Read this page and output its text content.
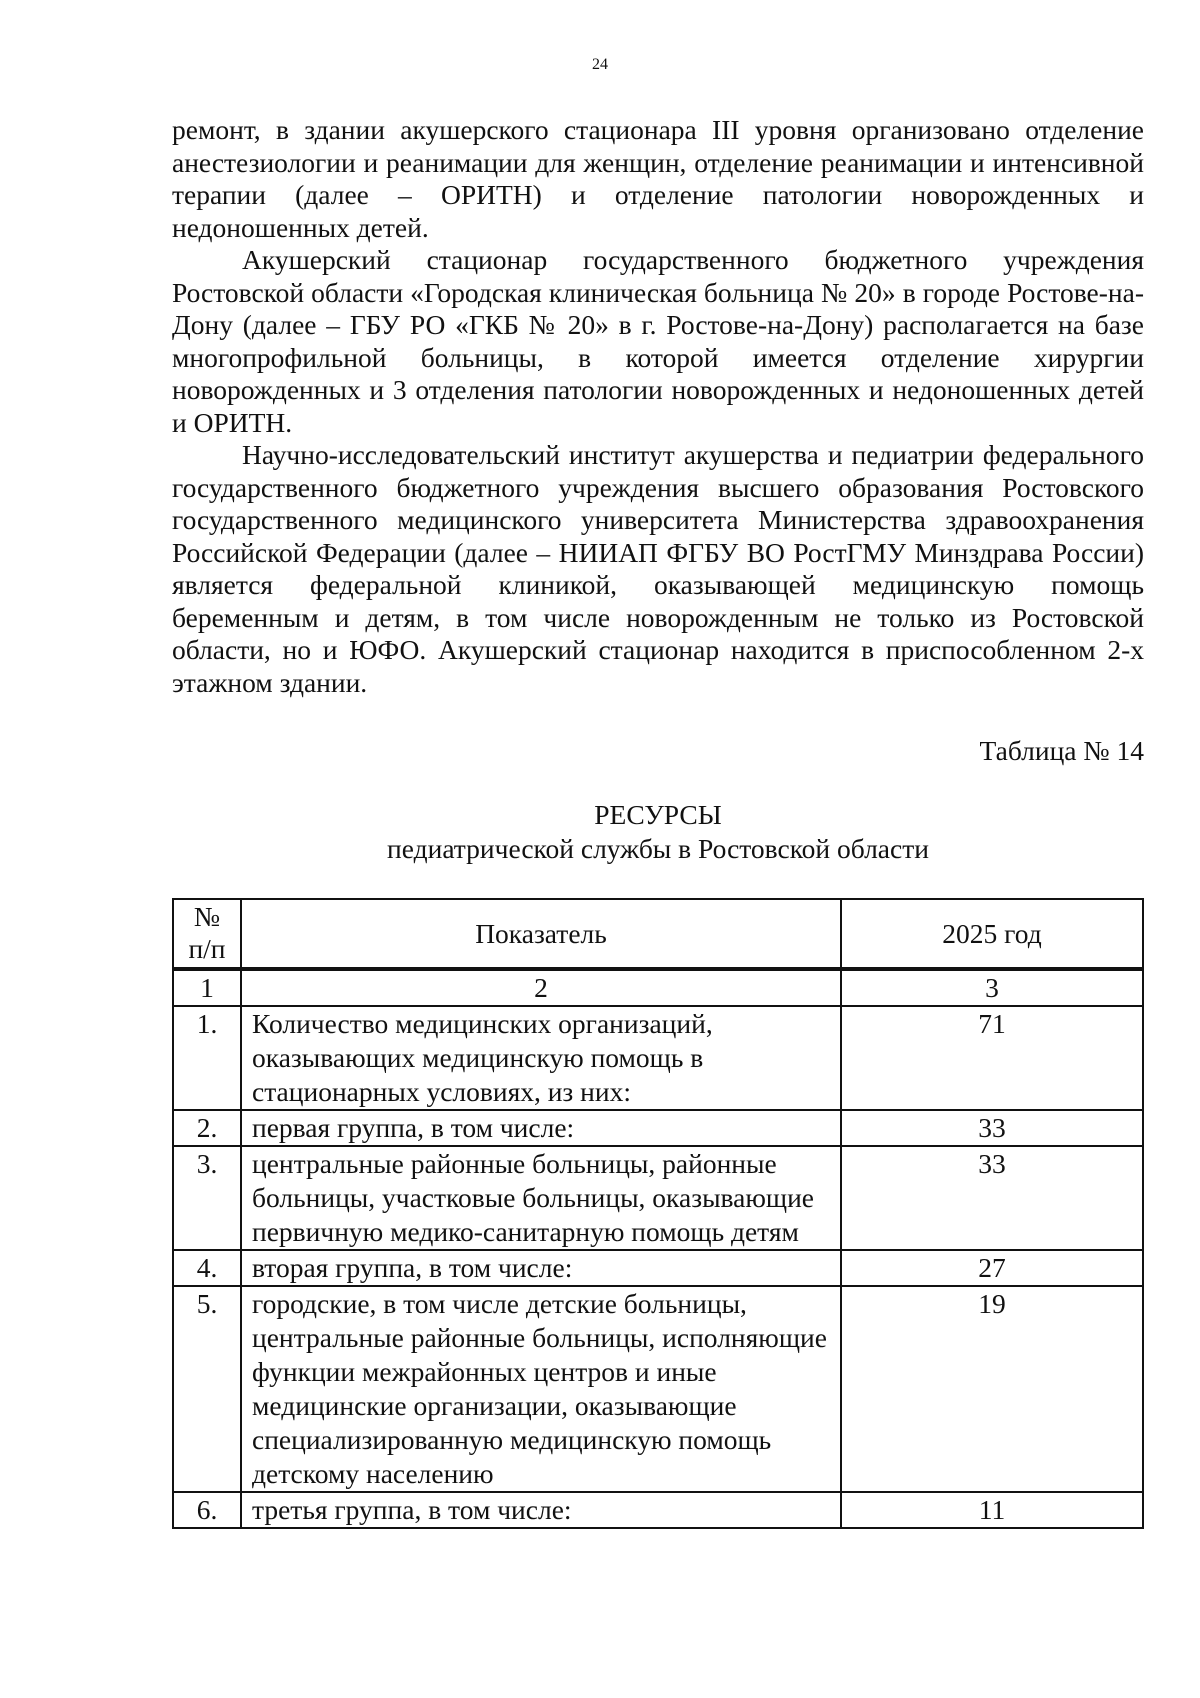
24

ремонт, в здании акушерского стационара III уровня организовано отделение анестезиологии и реанимации для женщин, отделение реанимации и интенсивной терапии (далее – ОРИТН) и отделение патологии новорожденных и недоношенных детей.

Акушерский стационар государственного бюджетного учреждения Ростовской области «Городская клиническая больница № 20» в городе Ростове-на-Дону (далее – ГБУ РО «ГКБ № 20» в г. Ростове-на-Дону) располагается на базе многопрофильной больницы, в которой имеется отделение хирургии новорожденных и 3 отделения патологии новорожденных и недоношенных детей и ОРИТН.

Научно-исследовательский институт акушерства и педиатрии федерального государственного бюджетного учреждения высшего образования Ростовского государственного медицинского университета Министерства здравоохранения Российской Федерации (далее – НИИАП ФГБУ ВО РостГМУ Минздрава России) является федеральной клиникой, оказывающей медицинскую помощь беременным и детям, в том числе новорожденным не только из Ростовской области, но и ЮФО. Акушерский стационар находится в приспособленном 2-х этажном здании.

Таблица № 14
РЕСУРСЫ
педиатрической службы в Ростовской области
№ п/п	Показатель	2025 год
1	2	3
1.	Количество медицинских организаций, оказывающих медицинскую помощь в стационарных условиях, из них:	71
2.	первая группа, в том числе:	33
3.	центральные районные больницы, районные больницы, участковые больницы, оказывающие первичную медико-санитарную помощь детям	33
4.	вторая группа, в том числе:	27
5.	городские, в том числе детские больницы, центральные районные больницы, исполняющие функции межрайонных центров и иные медицинские организации, оказывающие специализированную медицинскую помощь детскому населению	19
6.	третья группа, в том числе:	11
